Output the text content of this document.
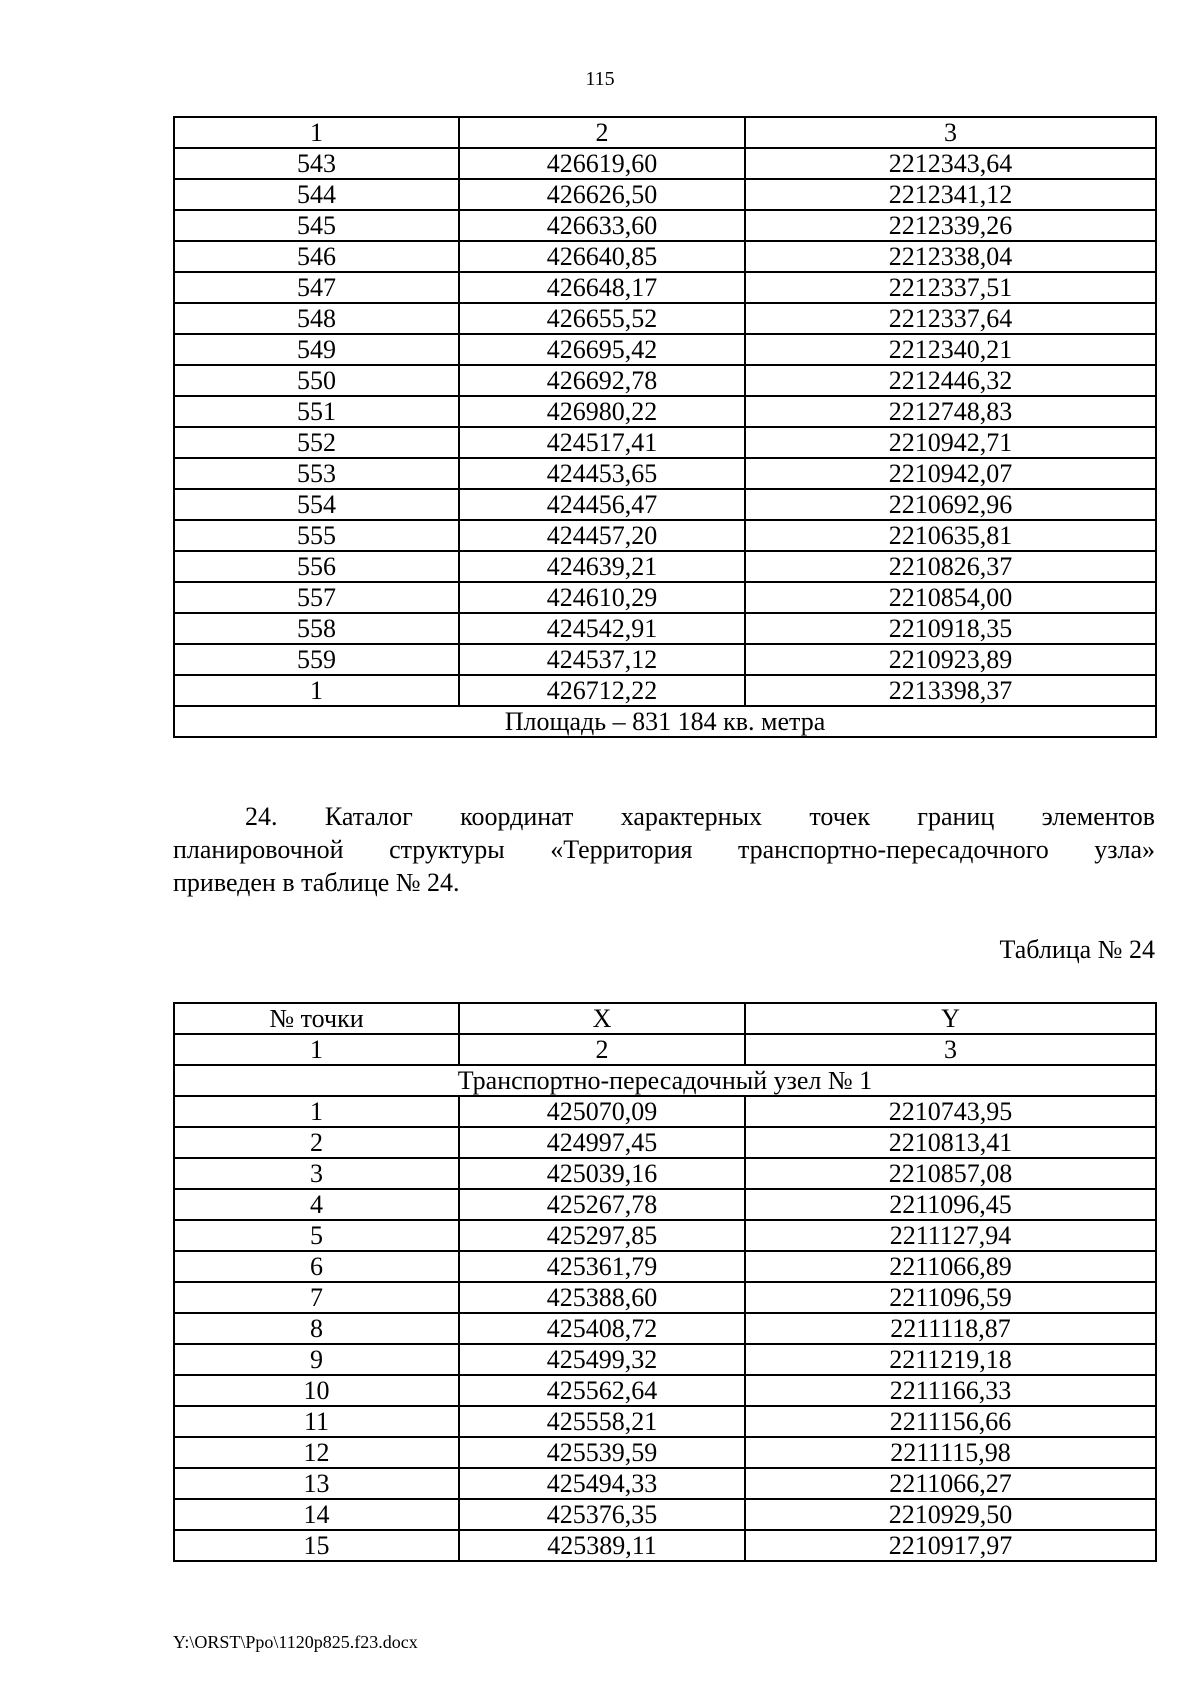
115
1	2	3
543	426619,60	2212343,64
544	426626,50	2212341,12
545	426633,60	2212339,26
546	426640,85	2212338,04
547	426648,17	2212337,51
548	426655,52	2212337,64
549	426695,42	2212340,21
550	426692,78	2212446,32
551	426980,22	2212748,83
552	424517,41	2210942,71
553	424453,65	2210942,07
554	424456,47	2210692,96
555	424457,20	2210635,81
556	424639,21	2210826,37
557	424610,29	2210854,00
558	424542,91	2210918,35
559	424537,12	2210923,89
1	426712,22	2213398,37
Площадь – 831 184 кв. метра		
24. Каталог координат характерных точек границ элементов
планировочной структуры «Территория транспортно-пересадочного узла»
приведен в таблице № 24.
Таблица № 24
№ точки	X	Y
1	2	3
Транспортно-пересадочный узел № 1		
1	425070,09	2210743,95
2	424997,45	2210813,41
3	425039,16	2210857,08
4	425267,78	2211096,45
5	425297,85	2211127,94
6	425361,79	2211066,89
7	425388,60	2211096,59
8	425408,72	2211118,87
9	425499,32	2211219,18
10	425562,64	2211166,33
11	425558,21	2211156,66
12	425539,59	2211115,98
13	425494,33	2211066,27
14	425376,35	2210929,50
15	425389,11	2210917,97
Y:\ORST\Ppo\1120p825.f23.docx
